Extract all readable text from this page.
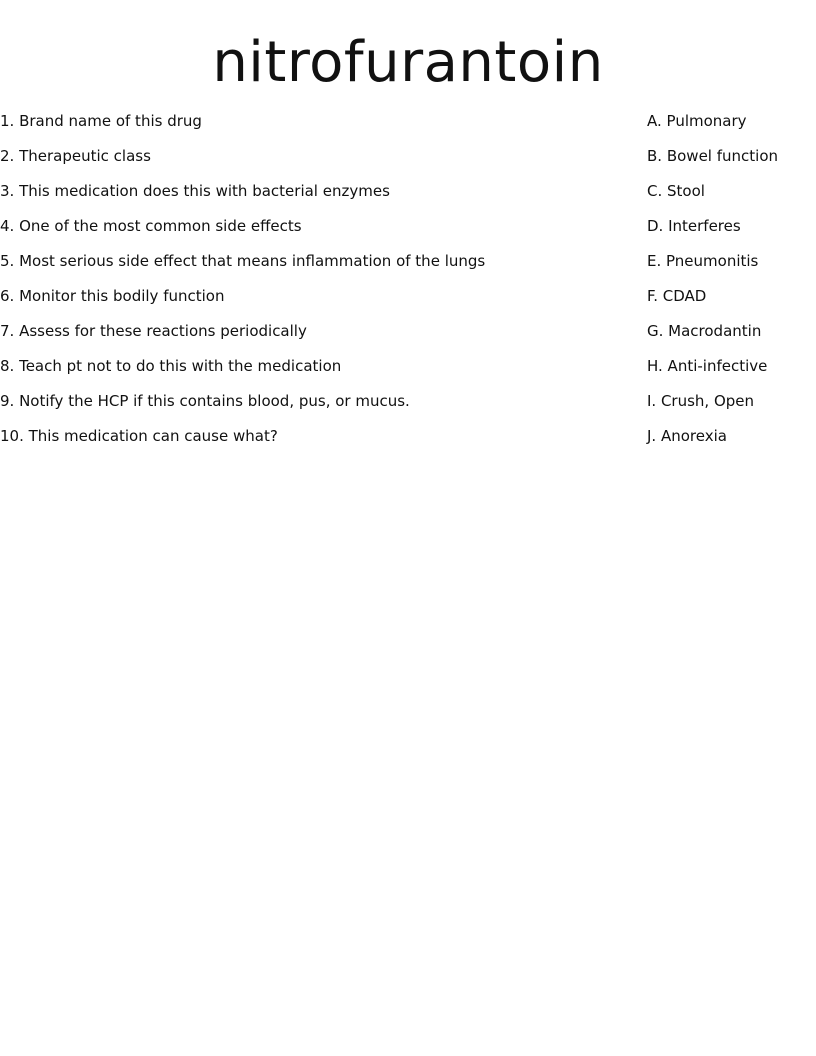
nitrofurantoin
1. Brand name of this drug
2. Therapeutic class
3. This medication does this with bacterial enzymes
4. One of the most common side effects
5. Most serious side effect that means inflammation of the lungs
6. Monitor this bodily function
7. Assess for these reactions periodically
8. Teach pt not to do this with the medication
9. Notify the HCP if this contains blood, pus, or mucus.
10. This medication can cause what?
A. Pulmonary
B. Bowel function
C. Stool
D. Interferes
E. Pneumonitis
F. CDAD
G. Macrodantin
H. Anti-infective
I. Crush, Open
J. Anorexia
